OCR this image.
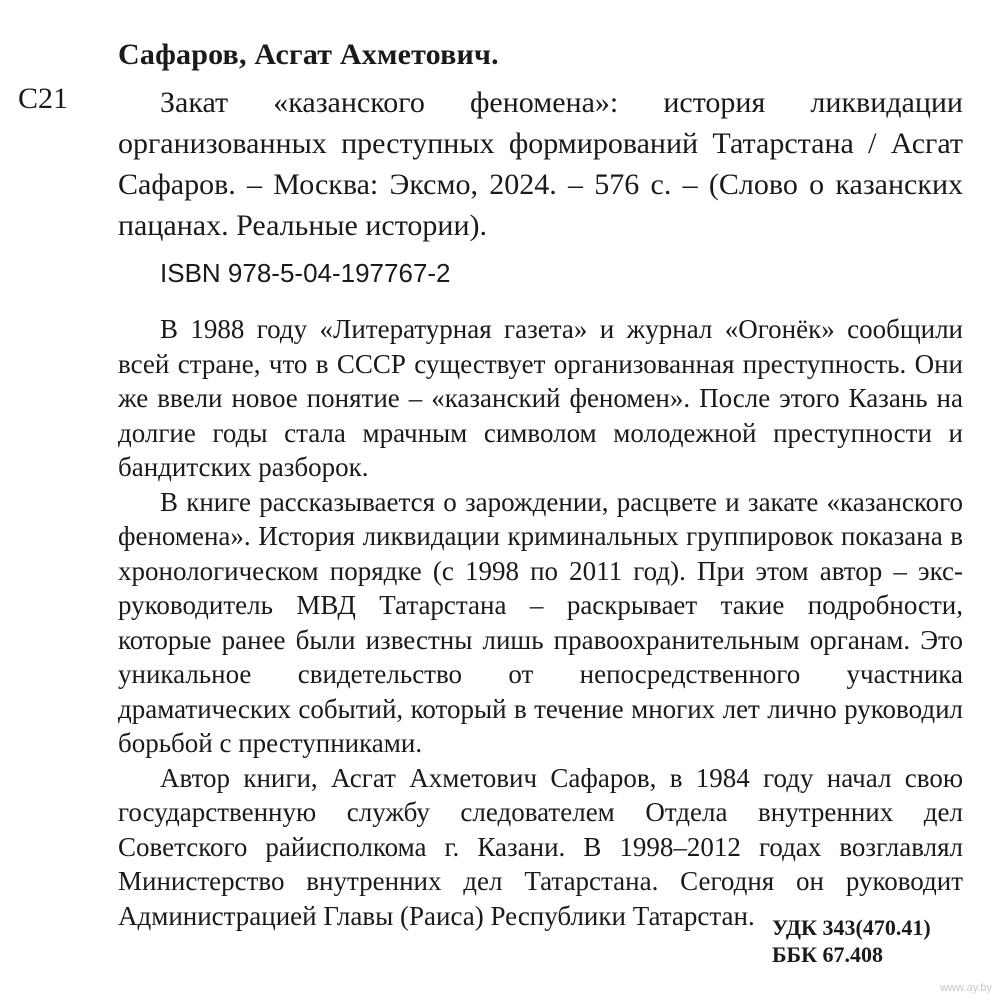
Сафаров, Асгат Ахметович.
С21	Закат «казанского феномена»: история ликвидации организованных преступных формирований Татарстана / Асгат Сафаров. – Москва: Эксмо, 2024. – 576 с. – (Слово о казанских пацанах. Реальные истории).
ISBN 978-5-04-197767-2

В 1988 году «Литературная газета» и журнал «Огонёк» сообщили всей стране, что в СССР существует организованная преступность. Они же ввели новое понятие – «казанский феномен». После этого Казань на долгие годы стала мрачным символом молодежной преступности и бандитских разборок.

В книге рассказывается о зарождении, расцвете и закате «казанского феномена». История ликвидации криминальных группировок показана в хронологическом порядке (с 1998 по 2011 год). При этом автор – экс-руководитель МВД Татарстана – раскрывает такие подробности, которые ранее были известны лишь правоохранительным органам. Это уникальное свидетельство от непосредственного участника драматических событий, который в течение многих лет лично руководил борьбой с преступниками.

Автор книги, Асгат Ахметович Сафаров, в 1984 году начал свою государственную службу следователем Отдела внутренних дел Советского райисполкома г. Казани. В 1998–2012 годах возглавлял Министерство внутренних дел Татарстана. Сегодня он руководит Администрацией Главы (Раиса) Республики Татарстан. УДК 343(470.41)
ББК 67.408
www.ay.by
